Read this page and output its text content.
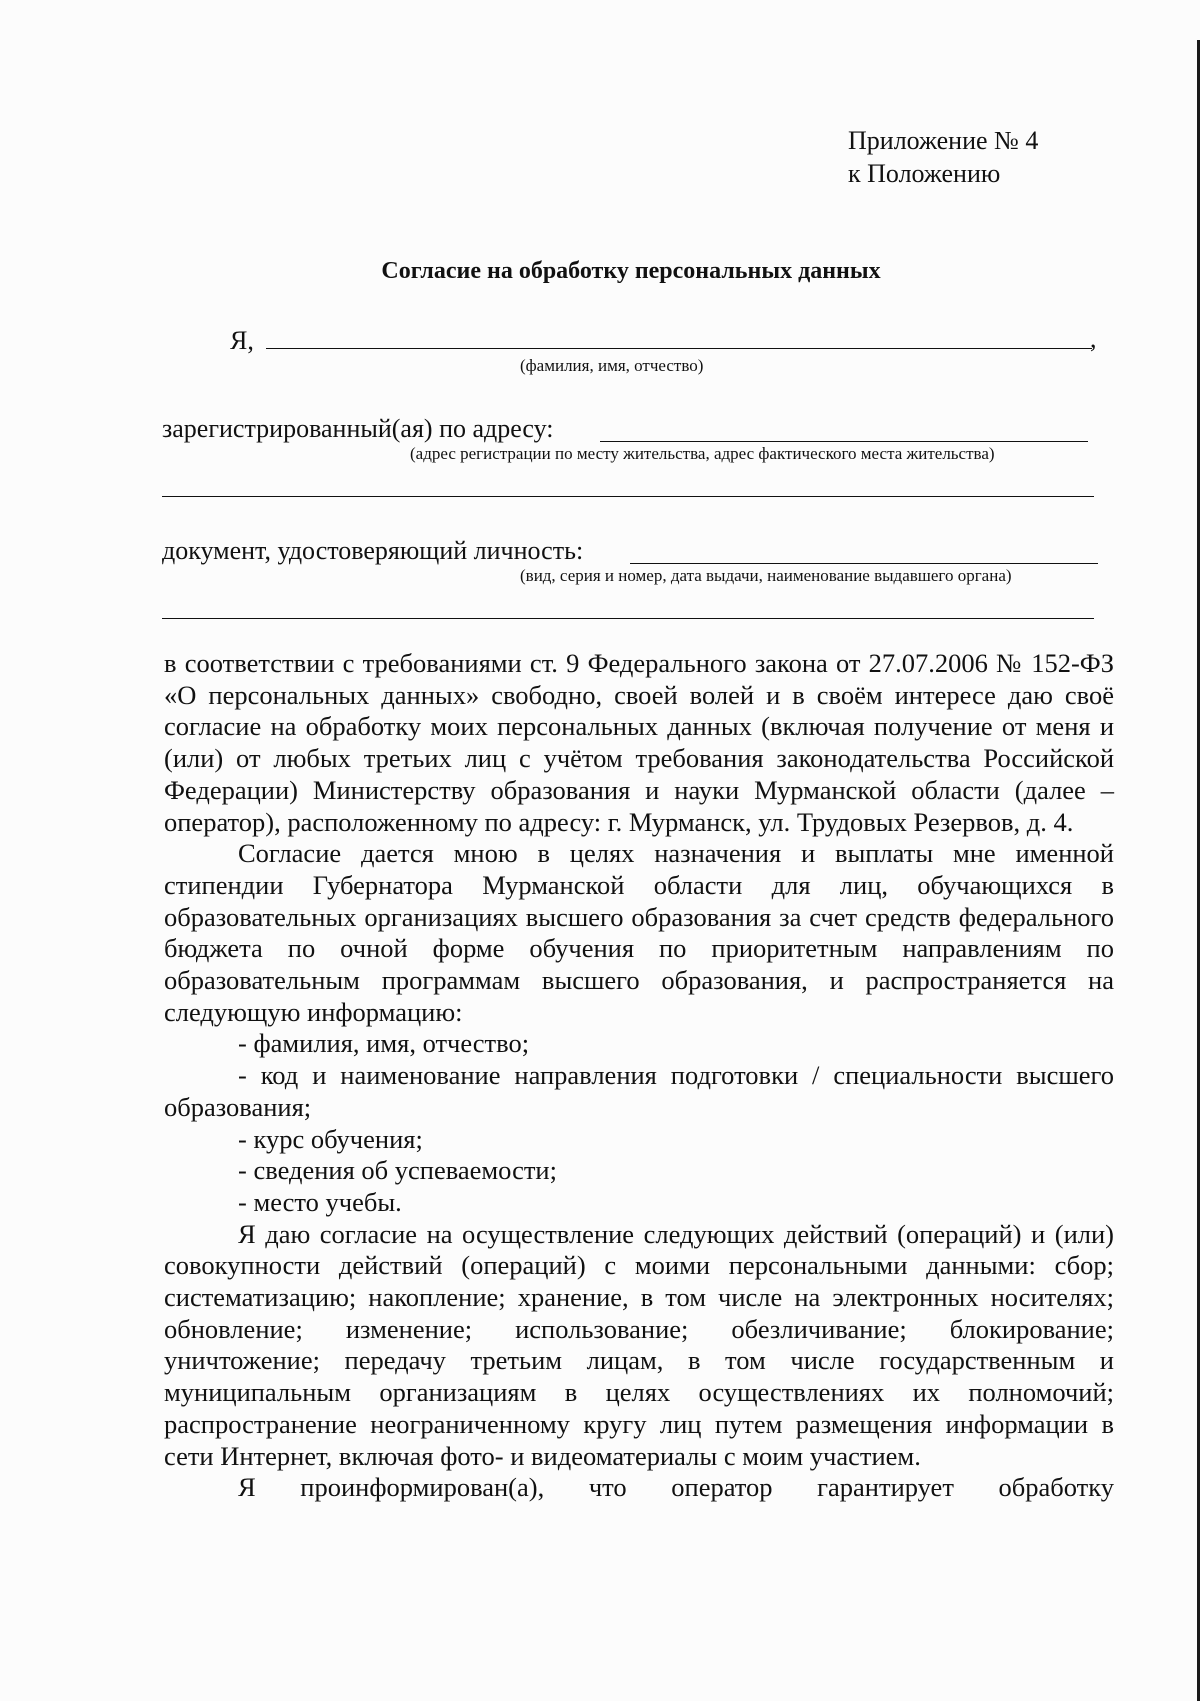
Приложение № 4
к Положению
Согласие на обработку персональных данных
Я,	,
(фамилия, имя, отчество)
зарегистрированный(ая) по адресу:
(адрес регистрации по месту жительства, адрес фактического места жительства)
документ, удостоверяющий личность:
(вид, серия и номер, дата выдачи, наименование выдавшего органа)

в соответствии с требованиями ст. 9 Федерального закона от 27.07.2006 № 152-ФЗ «О персональных данных» свободно, своей волей и в своём интересе даю своё согласие на обработку моих персональных данных (включая получение от меня и (или) от любых третьих лиц с учётом требования законодательства Российской Федерации) Министерству образования и науки Мурманской области (далее – оператор), расположенному по адресу: г. Мурманск, ул. Трудовых Резервов, д. 4.

Согласие дается мною в целях назначения и выплаты мне именной стипендии Губернатора Мурманской области для лиц, обучающихся в образовательных организациях высшего образования за счет средств федерального бюджета по очной форме обучения по приоритетным направлениям по образовательным программам высшего образования, и распространяется на следующую информацию:

- фамилия, имя, отчество;

- код и наименование направления подготовки / специальности высшего образования;

- курс обучения;

- сведения об успеваемости;

- место учебы.

Я даю согласие на осуществление следующих действий (операций) и (или) совокупности действий (операций) с моими персональными данными: сбор; систематизацию; накопление; хранение, в том числе на электронных носителях; обновление; изменение; использование; обезличивание; блокирование; уничтожение; передачу третьим лицам, в том числе государственным и муниципальным организациям в целях осуществлениях их полномочий; распространение неограниченному кругу лиц путем размещения информации в сети Интернет, включая фото- и видеоматериалы с моим участием.

Я проинформирован(а), что оператор гарантирует обработку
